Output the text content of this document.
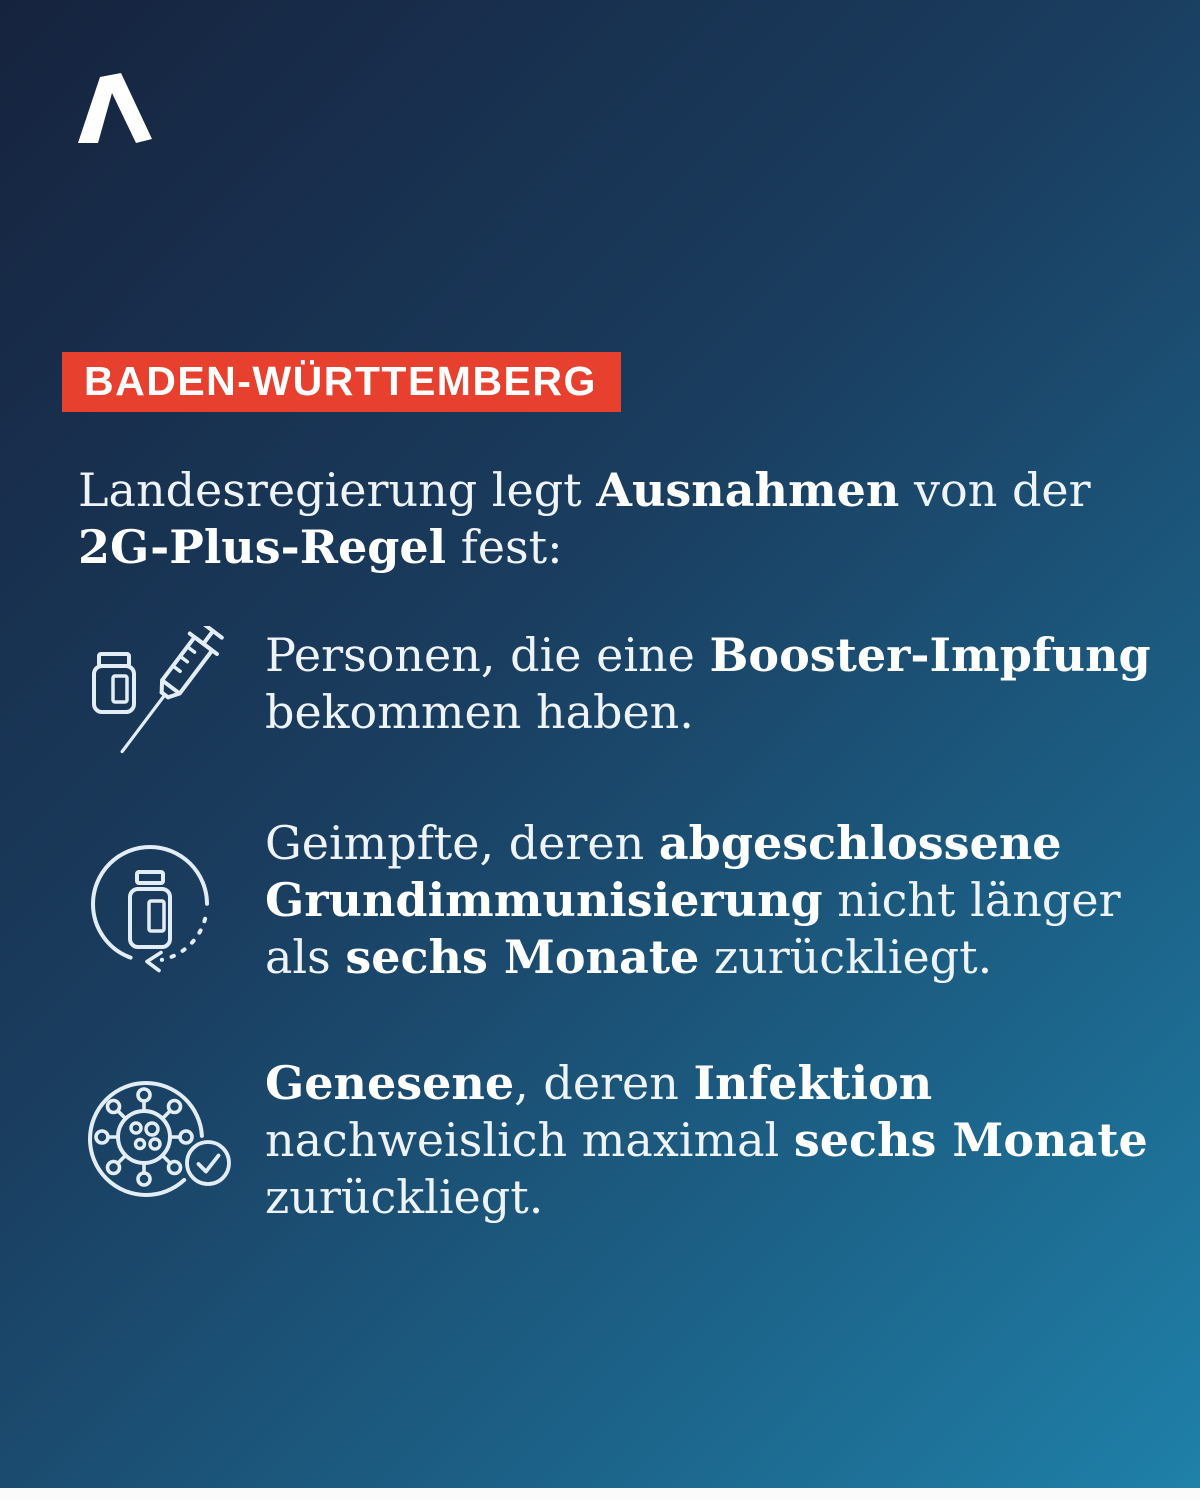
BADEN-WÜRTTEMBERG
Landesregierung legt Ausnahmen von der
2G-Plus-Regel fest:
Personen, die eine Booster-Impfung
bekommen haben.
Geimpfte, deren abgeschlossene
Grundimmunisierung nicht länger
als sechs Monate zurückliegt.
Genesene, deren Infektion
nachweislich maximal sechs Monate
zurückliegt.
